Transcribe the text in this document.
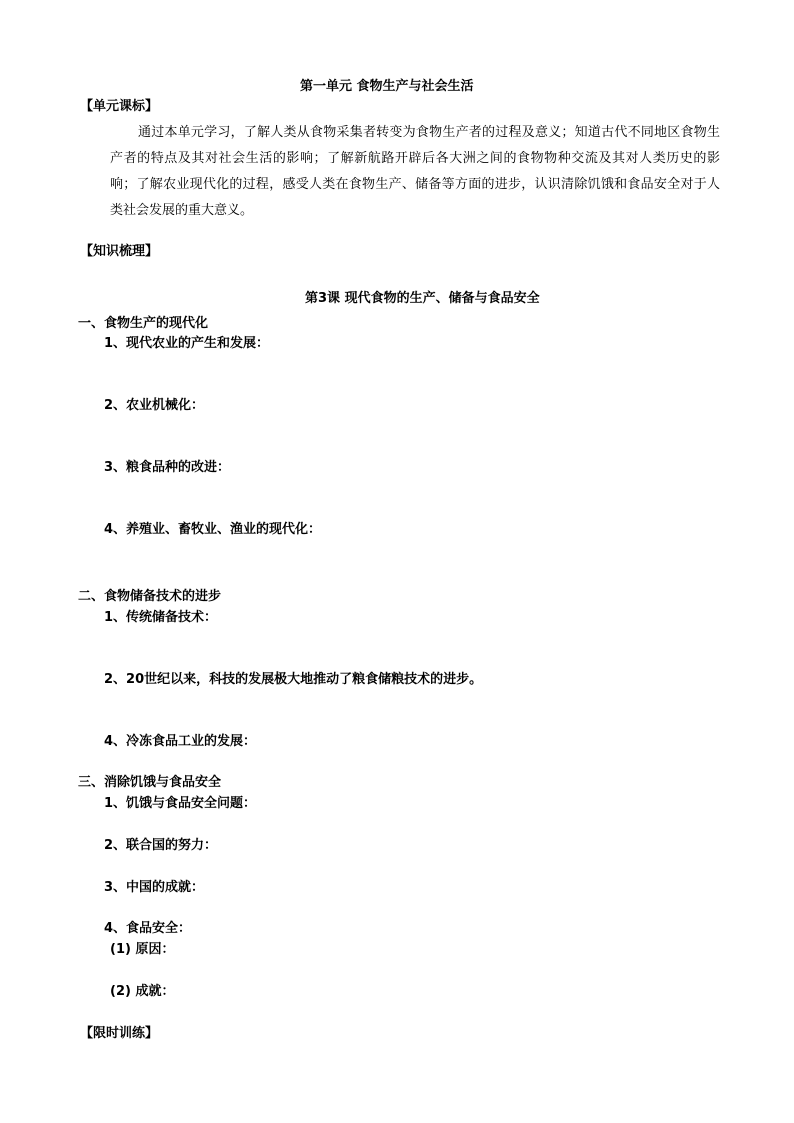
第一单元 食物生产与社会生活
【单元课标】
通过本单元学习，了解人类从食物采集者转变为食物生产者的过程及意义；知道古代不同地区食物生产者的特点及其对社会生活的影响；了解新航路开辟后各大洲之间的食物物种交流及其对人类历史的影响；了解农业现代化的过程，感受人类在食物生产、储备等方面的进步，认识清除饥饿和食品安全对于人类社会发展的重大意义。
【知识梳理】
第3课 现代食物的生产、储备与食品安全
一、食物生产的现代化
1、现代农业的产生和发展：
2、农业机械化：
3、粮食品种的改进：
4、养殖业、畜牧业、渔业的现代化：
二、食物储备技术的进步
1、传统储备技术：
2、20世纪以来，科技的发展极大地推动了粮食储粮技术的进步。
4、冷冻食品工业的发展：
三、消除饥饿与食品安全
1、饥饿与食品安全问题：
2、联合国的努力：
3、中国的成就：
4、食品安全：
(1) 原因：
(2) 成就：
【限时训练】
